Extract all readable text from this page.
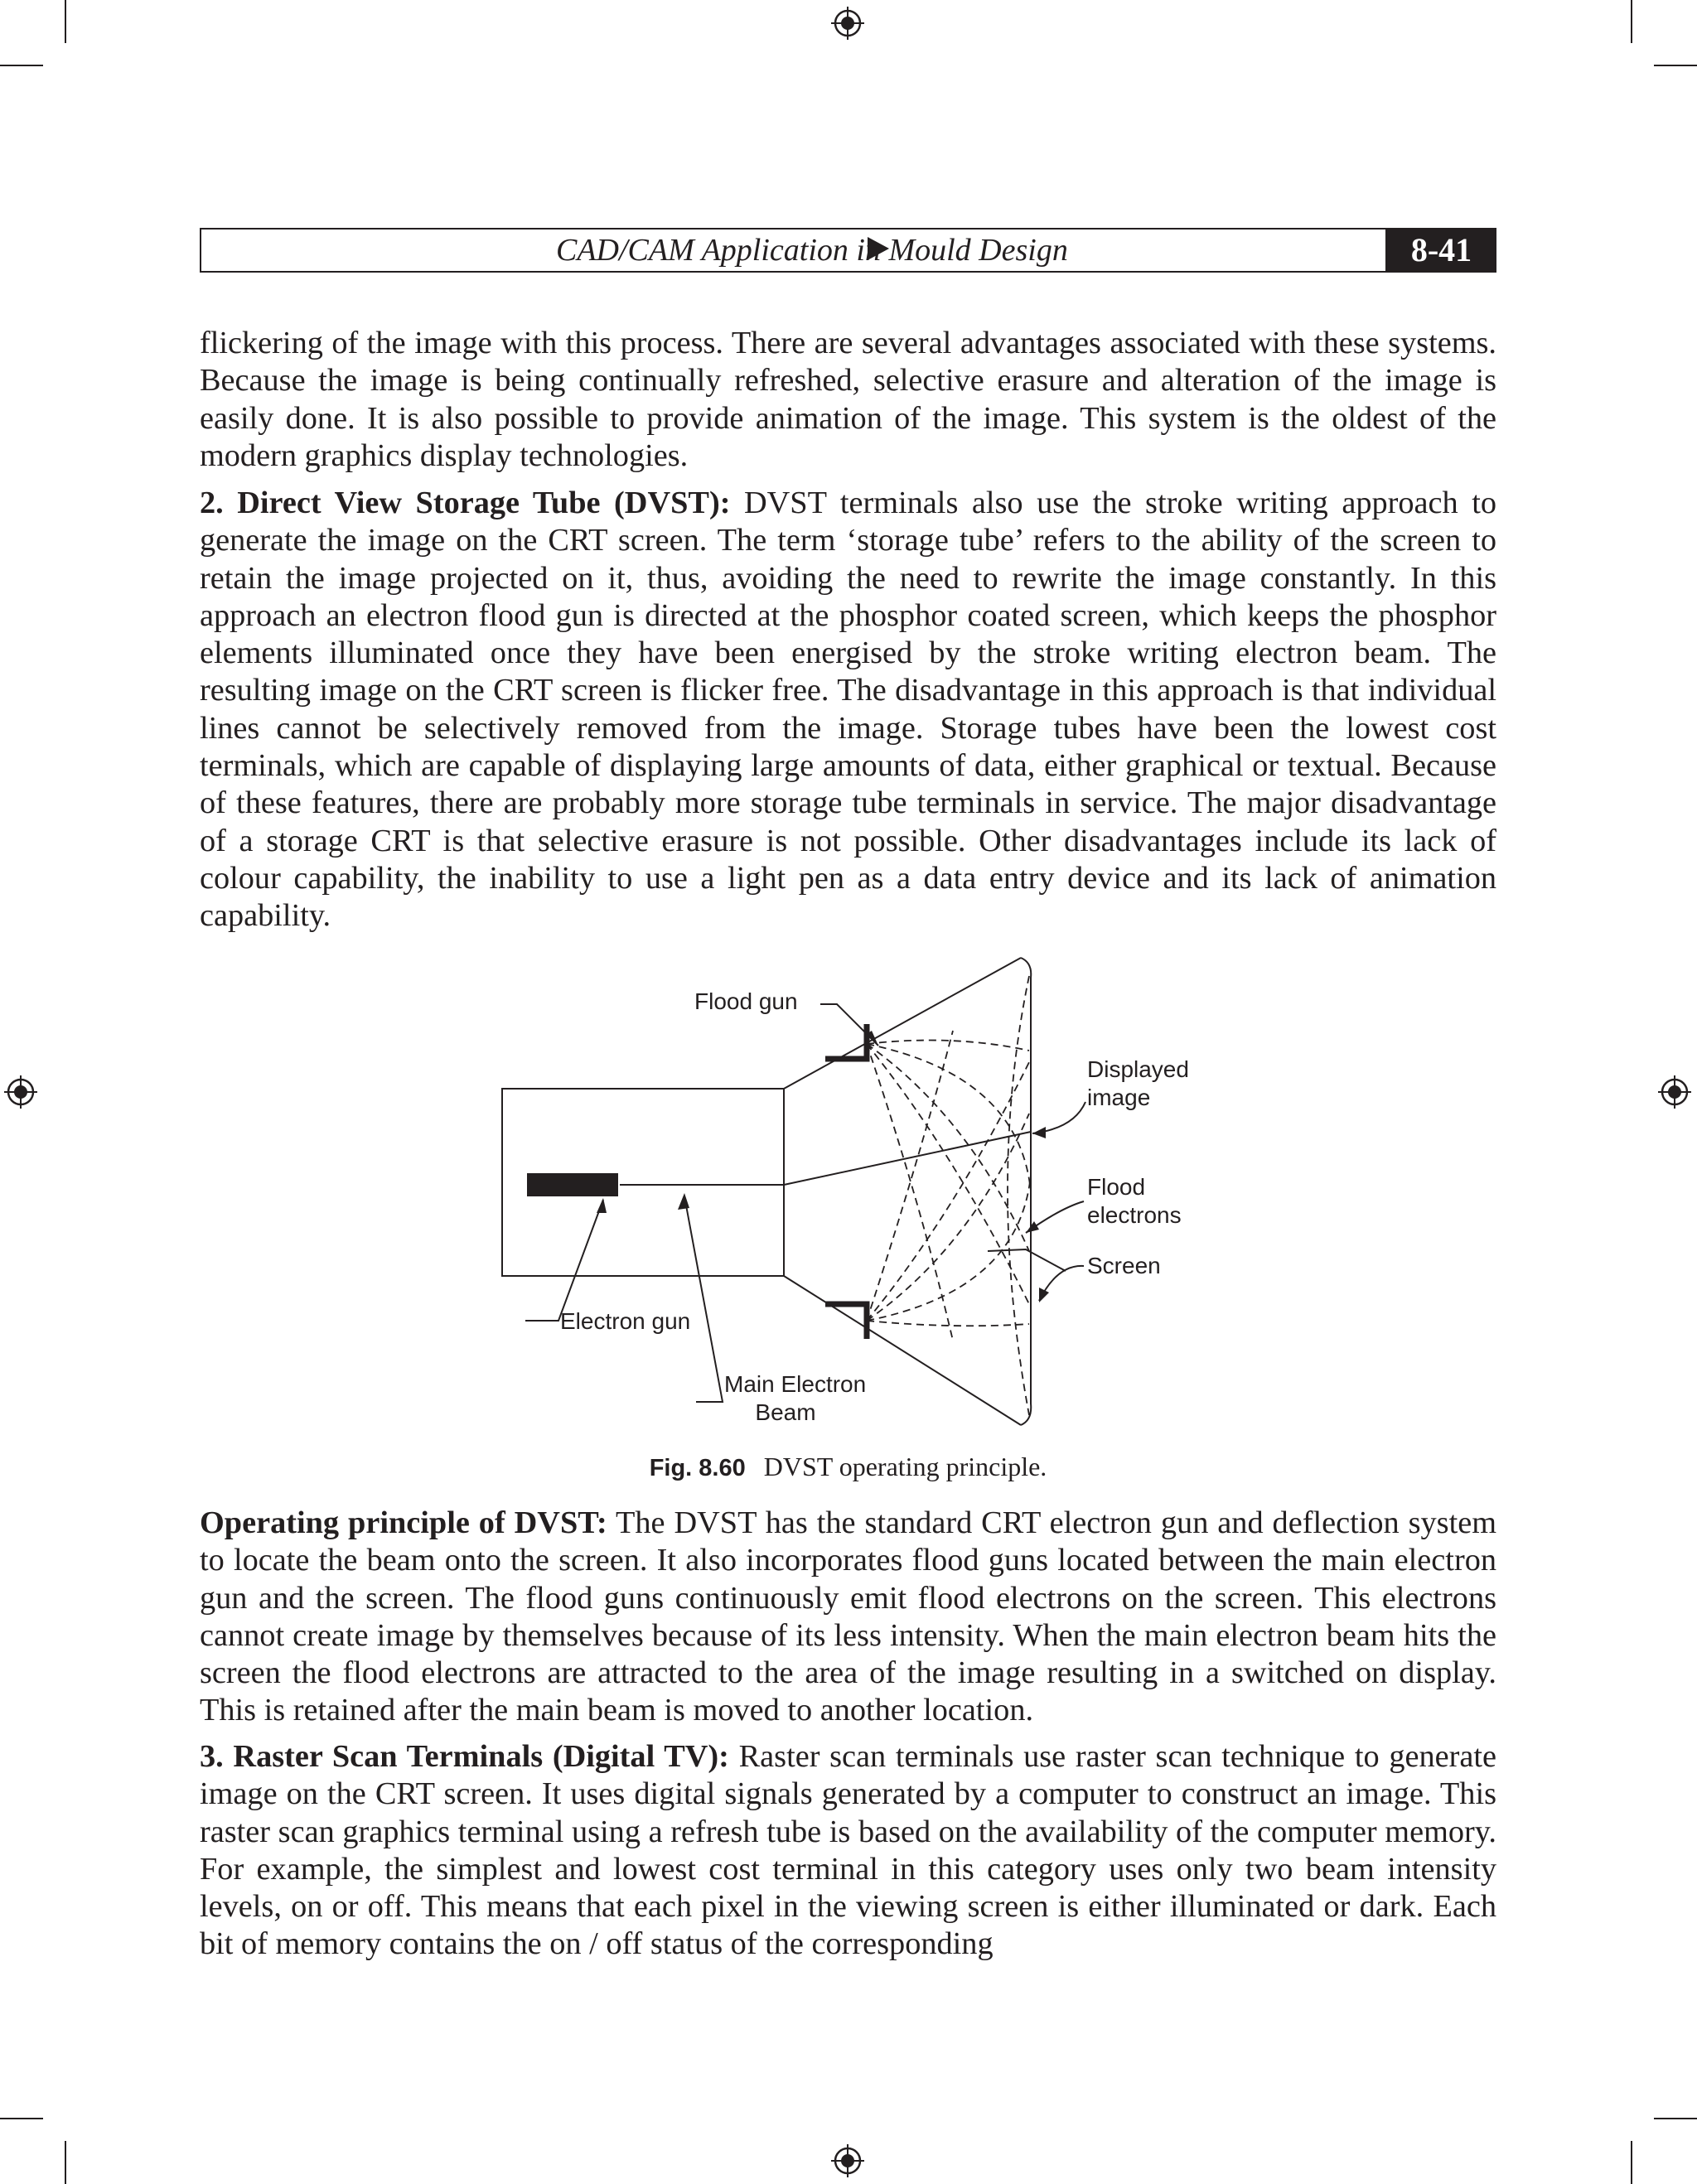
CAD/CAM Application in Mould Design	8-41

flickering of the image with this process. There are several advantages associated with these systems. Because the image is being continually refreshed, selective erasure and alteration of the image is easily done. It is also possible to provide animation of the image. This system is the oldest of the modern graphics display technologies.

2. Direct View Storage Tube (DVST): DVST terminals also use the stroke writing approach to generate the image on the CRT screen. The term ‘storage tube’ refers to the ability of the screen to retain the image projected on it, thus, avoiding the need to rewrite the image constantly. In this approach an electron flood gun is directed at the phosphor coated screen, which keeps the phosphor elements illuminated once they have been energised by the stroke writing electron beam. The resulting image on the CRT screen is flicker free. The disadvantage in this approach is that individual lines cannot be selectively removed from the image. Storage tubes have been the lowest cost terminals, which are capable of displaying large amounts of data, either graphical or textual. Because of these features, there are probably more storage tube terminals in service. The major disadvantage of a storage CRT is that selective erasure is not possible. Other disadvantages include its lack of colour capability, the inability to use a light pen as a data entry device and its lack of animation capability.

Flood gun
Displayed
image
Flood
electrons
Screen
Electron gun
Main Electron
Beam
Fig. 8.60 DVST operating principle.

Operating principle of DVST: The DVST has the standard CRT electron gun and deflection system to locate the beam onto the screen. It also incorporates flood guns located between the main electron gun and the screen. The flood guns continuously emit flood electrons on the screen. This electrons cannot create image by themselves because of its less intensity. When the main electron beam hits the screen the flood electrons are attracted to the area of the image resulting in a switched on display. This is retained after the main beam is moved to another location.

3. Raster Scan Terminals (Digital TV): Raster scan terminals use raster scan technique to generate image on the CRT screen. It uses digital signals generated by a computer to construct an image. This raster scan graphics terminal using a refresh tube is based on the availability of the computer memory. For example, the simplest and lowest cost terminal in this category uses only two beam intensity levels, on or off. This means that each pixel in the viewing screen is either illuminated or dark. Each bit of memory contains the on / off status of the corresponding
